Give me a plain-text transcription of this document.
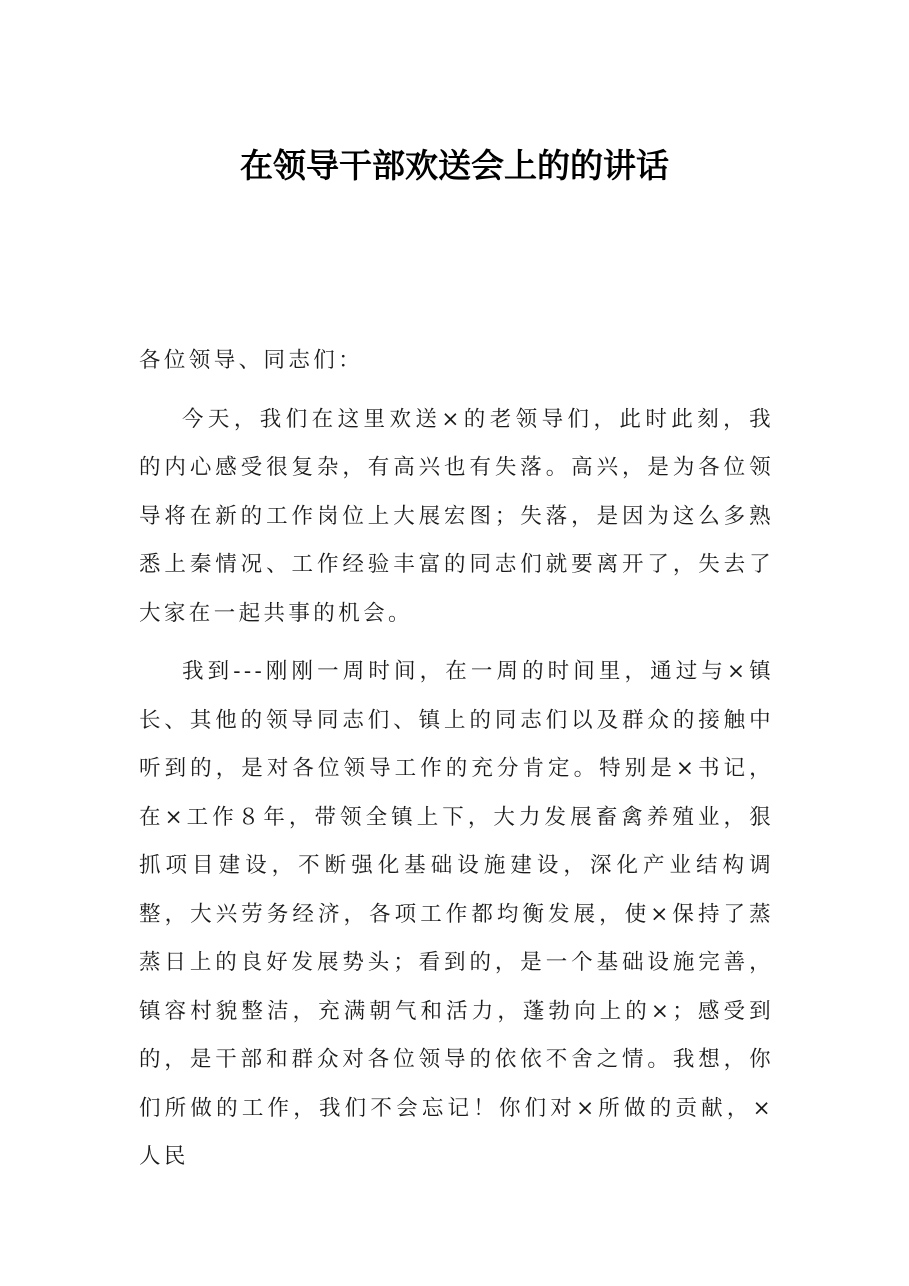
在领导干部欢送会上的的讲话

各位领导、同志们：

今天，我们在这里欢送×的老领导们，此时此刻，我的内心感受很复杂，有高兴也有失落。高兴，是为各位领导将在新的工作岗位上大展宏图；失落，是因为这么多熟悉上秦情况、工作经验丰富的同志们就要离开了，失去了大家在一起共事的机会。

我到---刚刚一周时间，在一周的时间里，通过与×镇长、其他的领导同志们、镇上的同志们以及群众的接触中听到的，是对各位领导工作的充分肯定。特别是×书记，在×工作８年，带领全镇上下，大力发展畜禽养殖业，狠抓项目建设，不断强化基础设施建设，深化产业结构调整，大兴劳务经济，各项工作都均衡发展，使×保持了蒸蒸日上的良好发展势头；看到的，是一个基础设施完善，镇容村貌整洁，充满朝气和活力，蓬勃向上的×；感受到的，是干部和群众对各位领导的依依不舍之情。我想，你们所做的工作，我们不会忘记！你们对×所做的贡献，×人民
